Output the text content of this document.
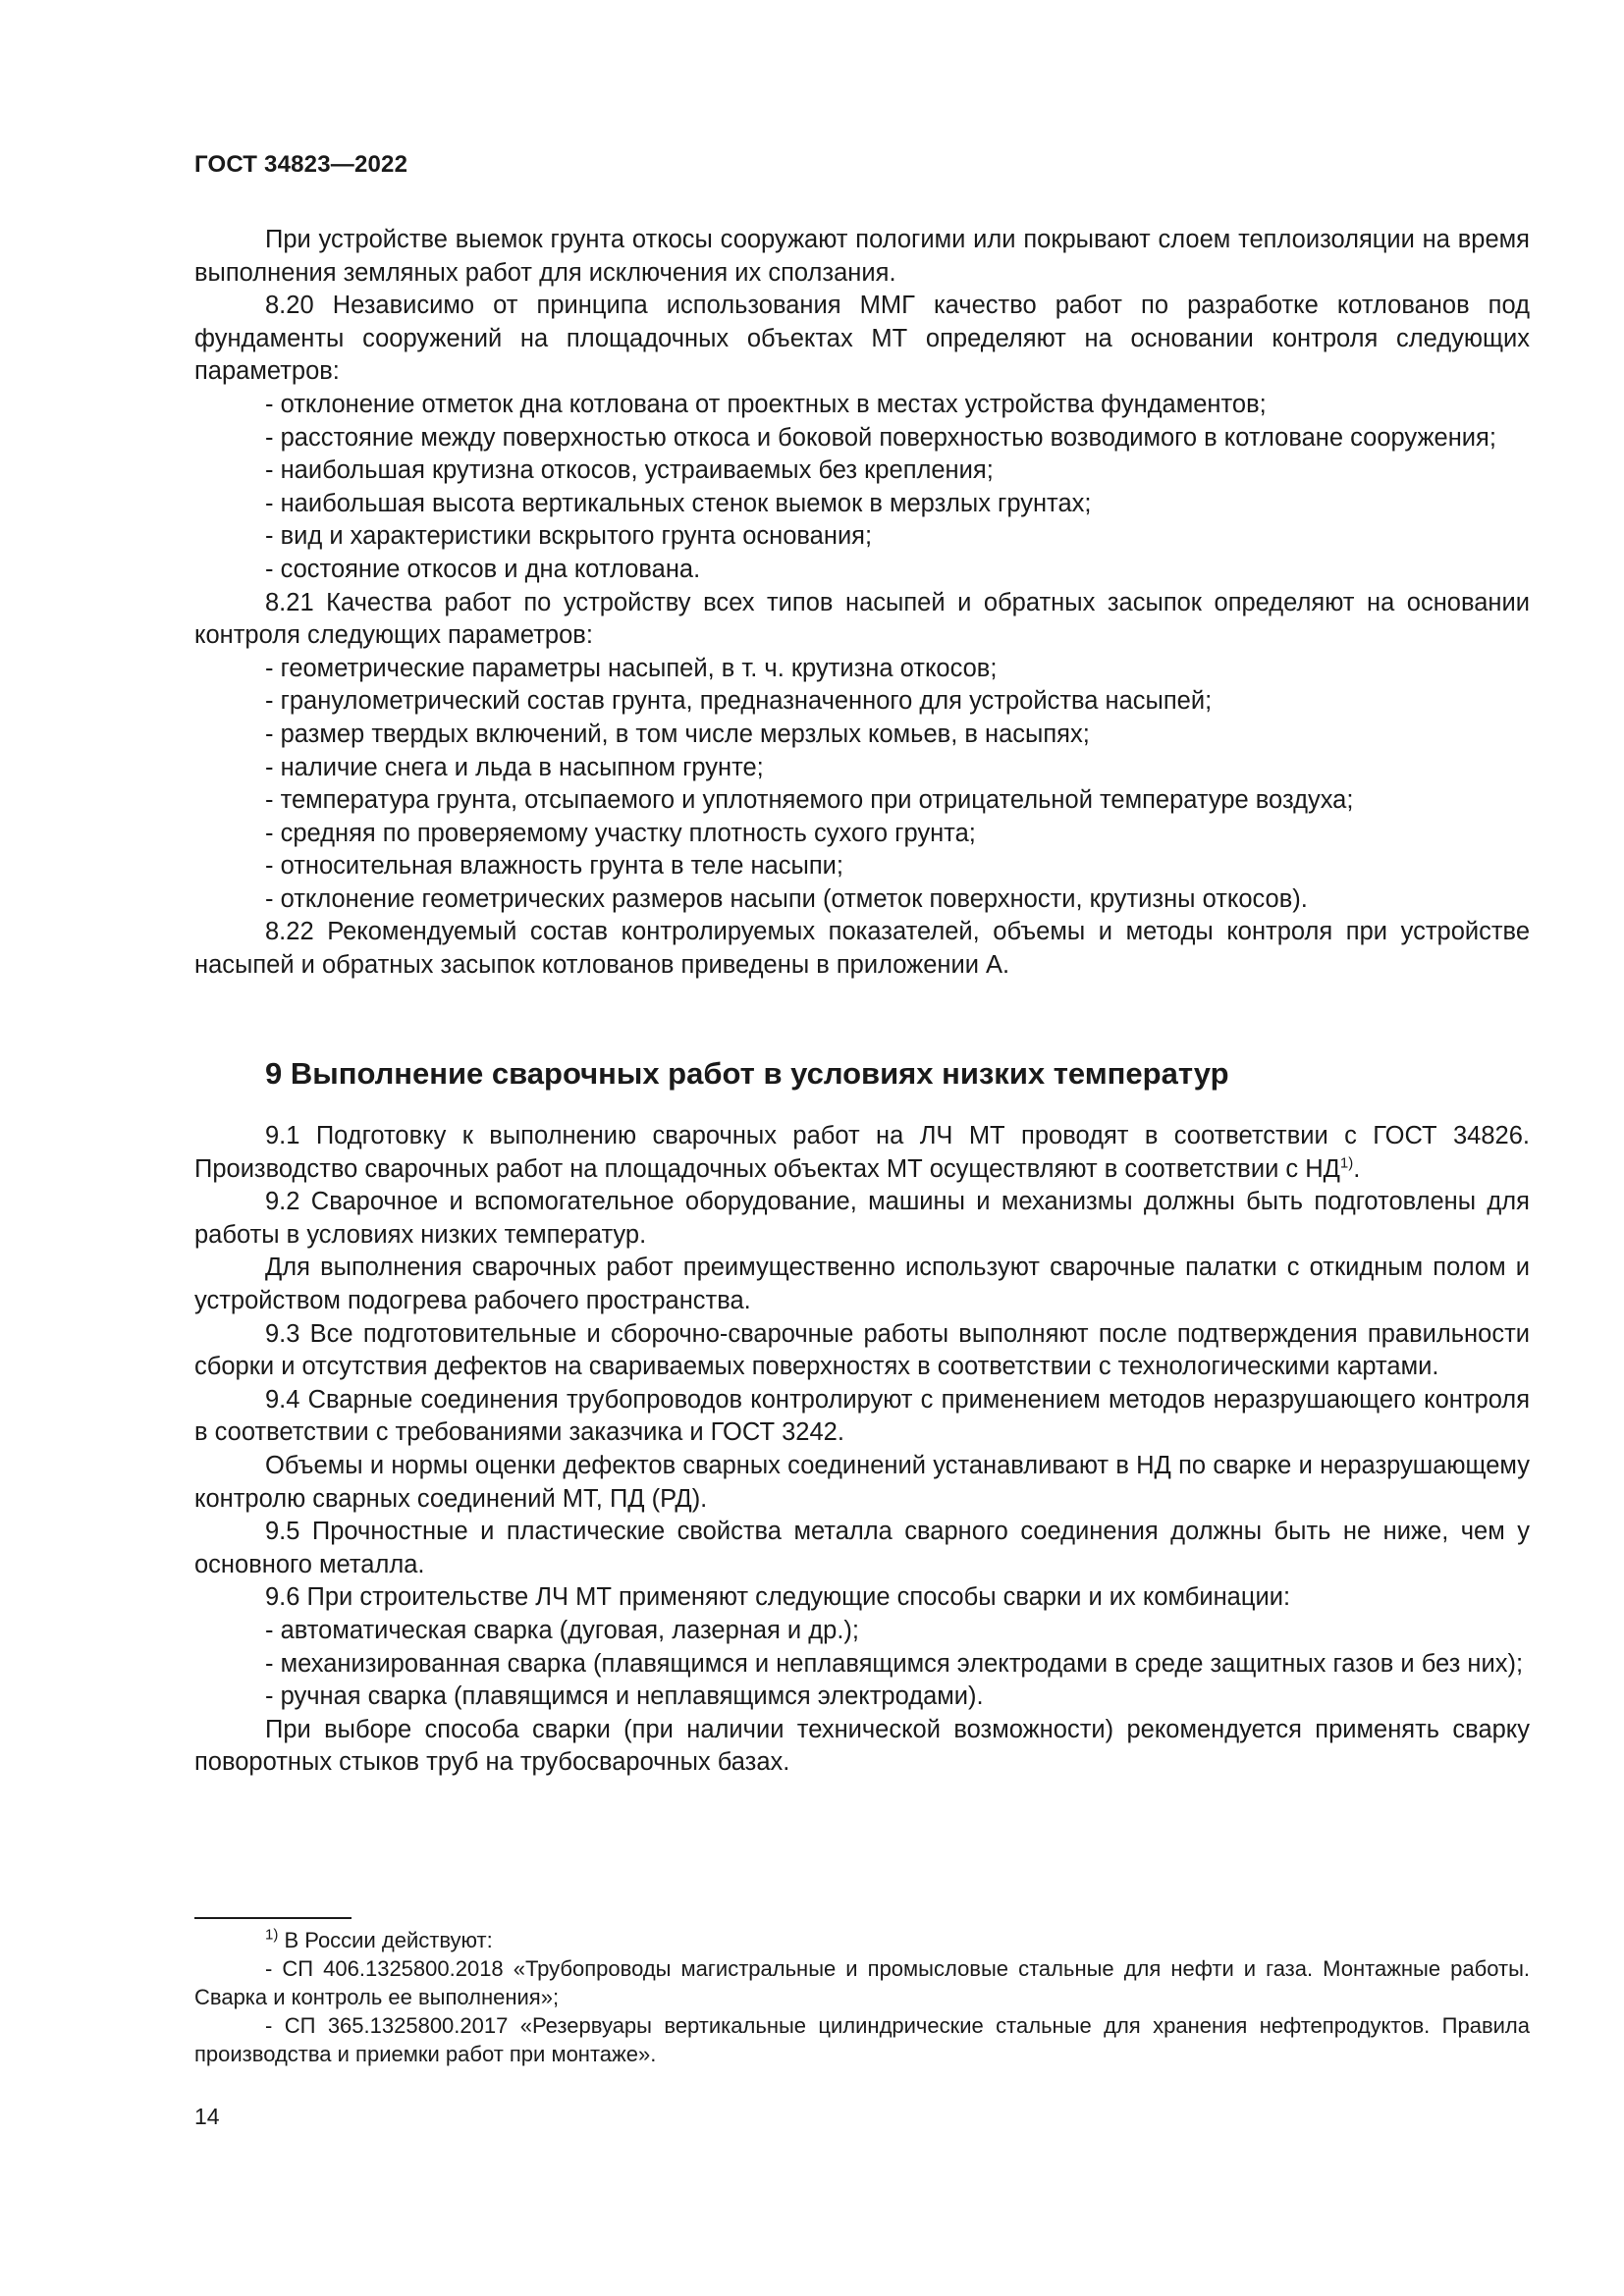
ГОСТ 34823—2022

При устройстве выемок грунта откосы сооружают пологими или покрывают слоем теплоизоляции на время выполнения земляных работ для исключения их сползания.

8.20 Независимо от принципа использования ММГ качество работ по разработке котлованов под фундаменты сооружений на площадочных объектах МТ определяют на основании контроля следующих параметров:

- отклонение отметок дна котлована от проектных в местах устройства фундаментов;

- расстояние между поверхностью откоса и боковой поверхностью возводимого в котловане сооружения;

- наибольшая крутизна откосов, устраиваемых без крепления;

- наибольшая высота вертикальных стенок выемок в мерзлых грунтах;

- вид и характеристики вскрытого грунта основания;

- состояние откосов и дна котлована.

8.21 Качества работ по устройству всех типов насыпей и обратных засыпок определяют на основании контроля следующих параметров:

- геометрические параметры насыпей, в т. ч. крутизна откосов;

- гранулометрический состав грунта, предназначенного для устройства насыпей;

- размер твердых включений, в том числе мерзлых комьев, в насыпях;

- наличие снега и льда в насыпном грунте;

- температура грунта, отсыпаемого и уплотняемого при отрицательной температуре воздуха;

- средняя по проверяемому участку плотность сухого грунта;

- относительная влажность грунта в теле насыпи;

- отклонение геометрических размеров насыпи (отметок поверхности, крутизны откосов).

8.22 Рекомендуемый состав контролируемых показателей, объемы и методы контроля при устройстве насыпей и обратных засыпок котлованов приведены в приложении А.

9 Выполнение сварочных работ в условиях низких температур

9.1 Подготовку к выполнению сварочных работ на ЛЧ МТ проводят в соответствии с ГОСТ 34826. Производство сварочных работ на площадочных объектах МТ осуществляют в соответствии с НД$^{1)}$.

9.2 Сварочное и вспомогательное оборудование, машины и механизмы должны быть подготовлены для работы в условиях низких температур.

Для выполнения сварочных работ преимущественно используют сварочные палатки с откидным полом и устройством подогрева рабочего пространства.

9.3 Все подготовительные и сборочно-сварочные работы выполняют после подтверждения правильности сборки и отсутствия дефектов на свариваемых поверхностях в соответствии с технологическими картами.

9.4 Сварные соединения трубопроводов контролируют с применением методов неразрушающего контроля в соответствии с требованиями заказчика и ГОСТ 3242.

Объемы и нормы оценки дефектов сварных соединений устанавливают в НД по сварке и неразрушающему контролю сварных соединений МТ, ПД (РД).

9.5 Прочностные и пластические свойства металла сварного соединения должны быть не ниже, чем у основного металла.

9.6 При строительстве ЛЧ МТ применяют следующие способы сварки и их комбинации:

- автоматическая сварка (дуговая, лазерная и др.);

- механизированная сварка (плавящимся и неплавящимся электродами в среде защитных газов и без них);

- ручная сварка (плавящимся и неплавящимся электродами).

При выборе способа сварки (при наличии технической возможности) рекомендуется применять сварку поворотных стыков труб на трубосварочных базах.

$^{1)}$ В России действуют:

- СП 406.1325800.2018 «Трубопроводы магистральные и промысловые стальные для нефти и газа. Монтажные работы. Сварка и контроль ее выполнения»;

- СП 365.1325800.2017 «Резервуары вертикальные цилиндрические стальные для хранения нефтепродуктов. Правила производства и приемки работ при монтаже».

14
